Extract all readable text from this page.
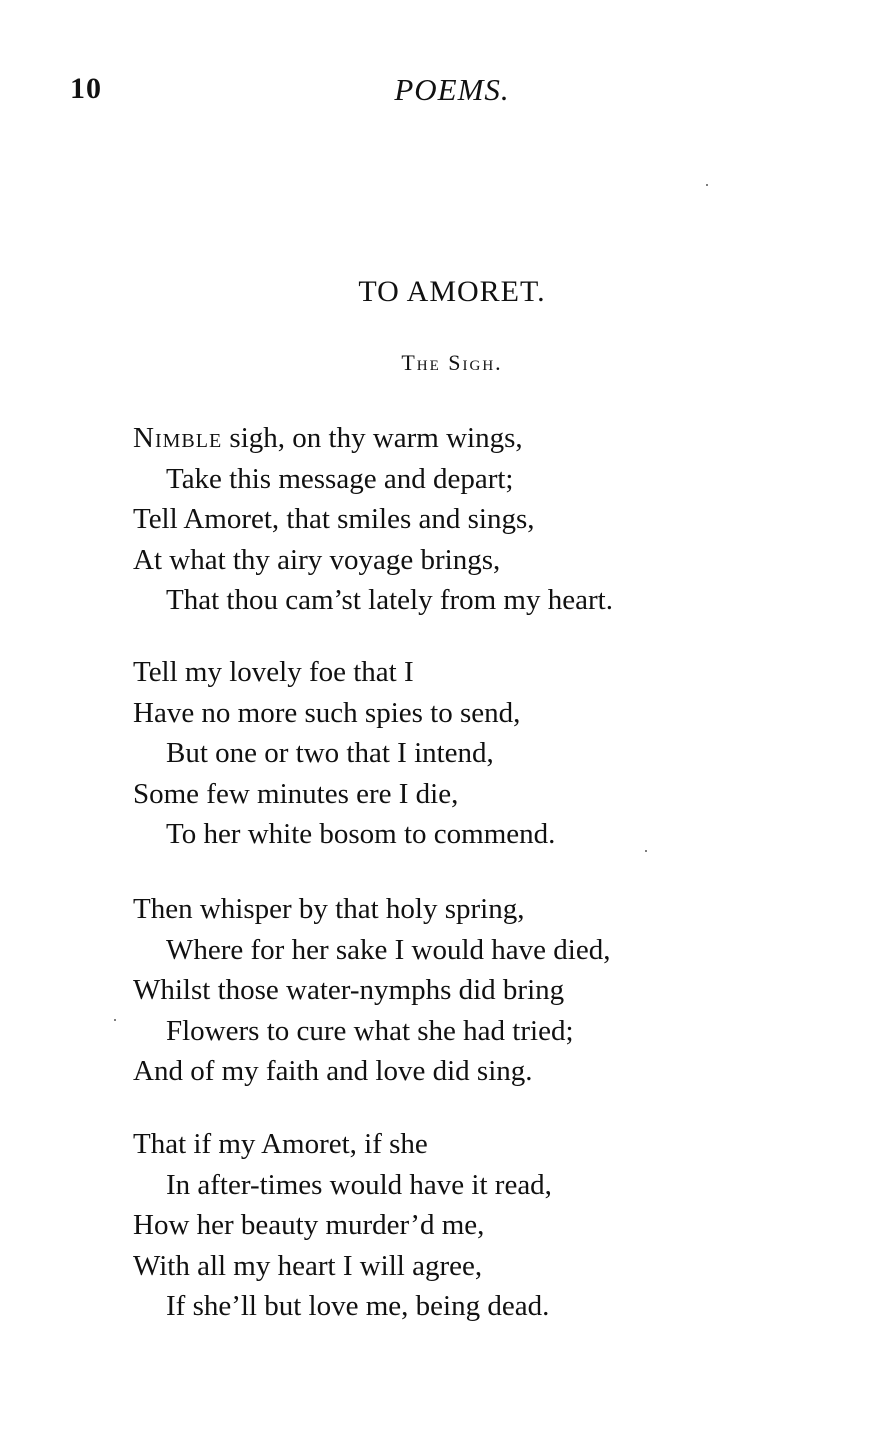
10	POEMS.
TO AMORET.
The Sigh.
Nimble sigh, on thy warm wings,
Take this message and depart;
Tell Amoret, that smiles and sings,
At what thy airy voyage brings,
That thou cam’st lately from my heart.
Tell my lovely foe that I
Have no more such spies to send,
But one or two that I intend,
Some few minutes ere I die,
To her white bosom to commend.
Then whisper by that holy spring,
Where for her sake I would have died,
Whilst those water-nymphs did bring
Flowers to cure what she had tried;
And of my faith and love did sing.
That if my Amoret, if she
In after-times would have it read,
How her beauty murder’d me,
With all my heart I will agree,
If she’ll but love me, being dead.
